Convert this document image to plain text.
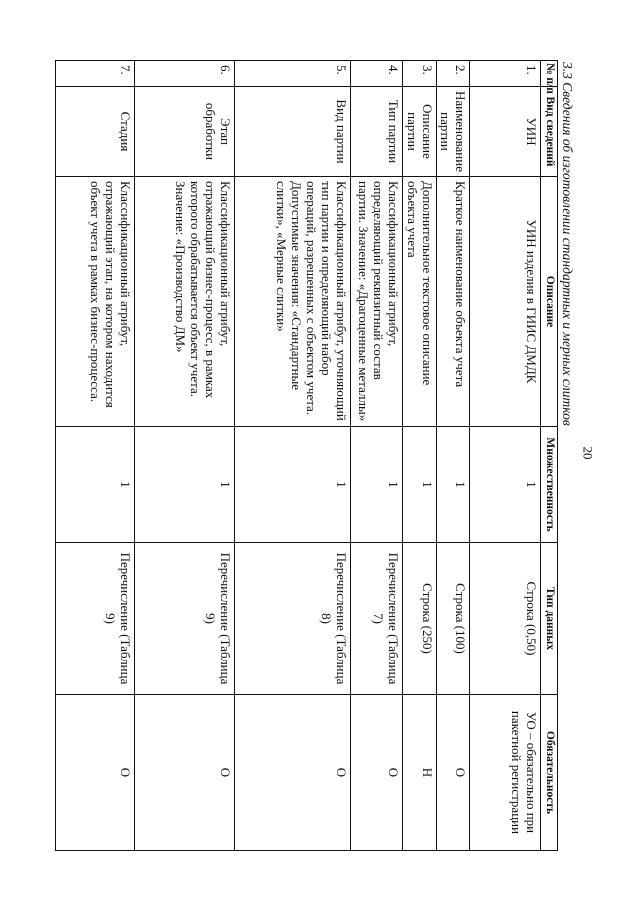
20
3.3 Сведения об изготовлении стандартных и мерных слитков
№ п/п	Вид сведений	Описание	Множественность	Тип данных	Обязательность
1.	УИН	УИН изделия в ГИИС ДМДК	1	Строка (0,50)	УО – обязательно при пакетной регистрации
2.	Наименование партии	Краткое наименование объекта учета	1	Строка (100)	О
3.	Описание партии	Дополнительное текстовое описание объекта учета	1	Строка (250)	Н
4.	Тип партии	Классификационный атрибут, определяющий реквизитный состав партии. Значение: «Драгоценные металлы»	1	Перечисление (Таблица 7)	О
5.	Вид партии	Классификационный атрибут, уточняющий тип партии и определяющий набор операций, разрешенных с объектом учета. Допустимые значения: «Стандартные слитки», «Мерные слитки»	1	Перечисление (Таблица 8)	О
6.	Этап обработки	Классификационный атрибут, отражающий бизнес-процесс, в рамках которого обрабатывается объект учета. Значение: «Производство ДМ»	1	Перечисление (Таблица 9)	О
7.	Стадия	Классификационный атрибут, отражающий этап, на котором находится объект учета в рамках бизнес-процесса.	1	Перечисление (Таблица 9)	О
